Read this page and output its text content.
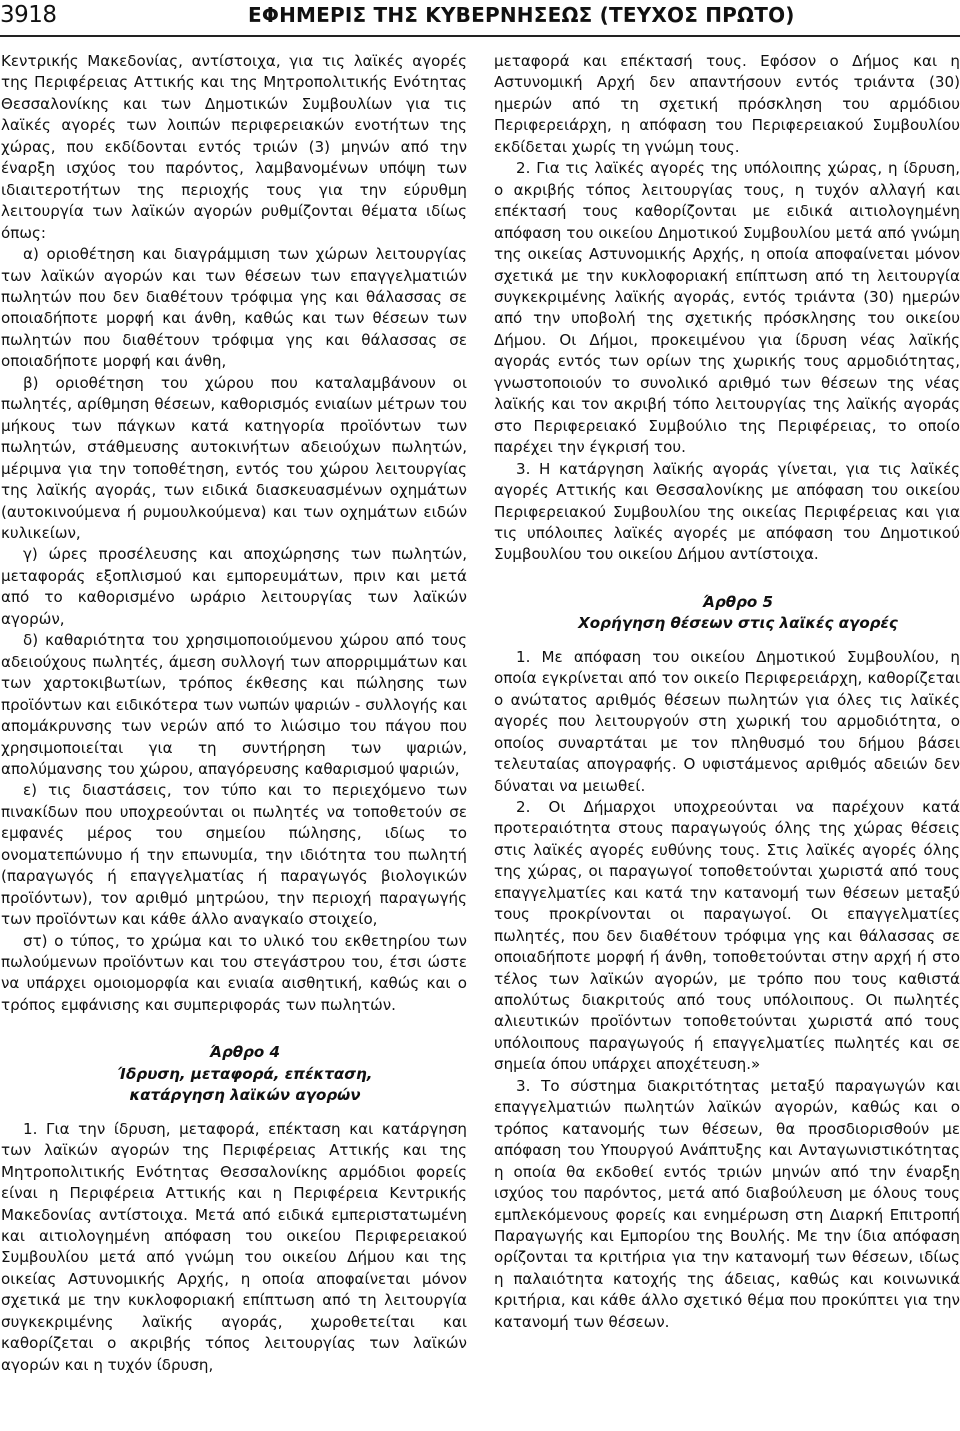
3918	ΕΦΗΜΕΡΙΣ ΤΗΣ ΚΥΒΕΡΝΗΣΕΩΣ (ΤΕΥΧΟΣ ΠΡΩΤΟ)

Κεντρικής Μακεδονίας, αντίστοιχα, για τις λαϊκές αγορές της Περιφέρειας Αττικής και της Μητροπολιτικής Ενότητας Θεσσαλονίκης και των Δημοτικών Συμβουλίων για τις λαϊκές αγορές των λοιπών περιφερειακών ενοτήτων της χώρας, που εκδίδονται εντός τριών (3) μηνών από την έναρξη ισχύος του παρόντος, λαμβανομένων υπόψη των ιδιαιτεροτήτων της περιοχής τους για την εύρυθμη λειτουργία των λαϊκών αγορών ρυθμίζονται θέματα ιδίως όπως:

α) οριοθέτηση και διαγράμμιση των χώρων λειτουργίας των λαϊκών αγορών και των θέσεων των επαγγελματιών πωλητών που δεν διαθέτουν τρόφιμα γης και θάλασσας σε οποιαδήποτε μορφή και άνθη, καθώς και των θέσεων των πωλητών που διαθέτουν τρόφιμα γης και θάλασσας σε οποιαδήποτε μορφή και άνθη,

β) οριοθέτηση του χώρου που καταλαμβάνουν οι πωλητές, αρίθμηση θέσεων, καθορισμός ενιαίων μέτρων του μήκους των πάγκων κατά κατηγορία προϊόντων των πωλητών, στάθμευσης αυτοκινήτων αδειούχων πωλητών, μέριμνα για την τοποθέτηση, εντός του χώρου λειτουργίας της λαϊκής αγοράς, των ειδικά διασκευασμένων οχημάτων (αυτοκινούμενα ή ρυμουλκούμενα) και των οχημάτων ειδών κυλικείων,

γ) ώρες προσέλευσης και αποχώρησης των πωλητών, μεταφοράς εξοπλισμού και εμπορευμάτων, πριν και μετά από το καθορισμένο ωράριο λειτουργίας των λαϊκών αγορών,

δ) καθαριότητα του χρησιμοποιούμενου χώρου από τους αδειούχους πωλητές, άμεση συλλογή των απορριμμάτων και των χαρτοκιβωτίων, τρόπος έκθεσης και πώλησης των προϊόντων και ειδικότερα των νωπών ψαριών - συλλογής και απομάκρυνσης των νερών από το λιώσιμο του πάγου που χρησιμοποιείται για τη συντήρηση των ψαριών, απολύμανσης του χώρου, απαγόρευσης καθαρισμού ψαριών,

ε) τις διαστάσεις, τον τύπο και το περιεχόμενο των πινακίδων που υποχρεούνται οι πωλητές να τοποθετούν σε εμφανές μέρος του σημείου πώλησης, ιδίως το ονοματεπώνυμο ή την επωνυμία, την ιδιότητα του πωλητή (παραγωγός ή επαγγελματίας ή παραγωγός βιολογικών προϊόντων), τον αριθμό μητρώου, την περιοχή παραγωγής των προϊόντων και κάθε άλλο αναγκαίο στοιχείο,

στ) ο τύπος, το χρώμα και το υλικό του εκθετηρίου των πωλούμενων προϊόντων και του στεγάστρου του, έτσι ώστε να υπάρχει ομοιομορφία και ενιαία αισθητική, καθώς και ο τρόπος εμφάνισης και συμπεριφοράς των πωλητών.

Άρθρο 4

Ίδρυση, μεταφορά, επέκταση,

κατάργηση λαϊκών αγορών

1. Για την ίδρυση, μεταφορά, επέκταση και κατάργηση των λαϊκών αγορών της Περιφέρειας Αττικής και της Μητροπολιτικής Ενότητας Θεσσαλονίκης αρμόδιοι φορείς είναι η Περιφέρεια Αττικής και η Περιφέρεια Κεντρικής Μακεδονίας αντίστοιχα. Μετά από ειδικά εμπεριστατωμένη και αιτιολογημένη απόφαση του οικείου Περιφερειακού Συμβουλίου μετά από γνώμη του οικείου Δήμου και της οικείας Αστυνομικής Αρχής, η οποία αποφαίνεται μόνον σχετικά με την κυκλοφοριακή επίπτωση από τη λειτουργία συγκεκριμένης λαϊκής αγοράς, χωροθετείται και καθορίζεται ο ακριβής τόπος λειτουργίας των λαϊκών αγορών και η τυχόν ίδρυση,

μεταφορά και επέκτασή τους. Εφόσον ο Δήμος και η Αστυνομική Αρχή δεν απαντήσουν εντός τριάντα (30) ημερών από τη σχετική πρόσκληση του αρμόδιου Περιφερειάρχη, η απόφαση του Περιφερειακού Συμβουλίου εκδίδεται χωρίς τη γνώμη τους.

2. Για τις λαϊκές αγορές της υπόλοιπης χώρας, η ίδρυση, ο ακριβής τόπος λειτουργίας τους, η τυχόν αλλαγή και επέκτασή τους καθορίζονται με ειδικά αιτιολογημένη απόφαση του οικείου Δημοτικού Συμβουλίου μετά από γνώμη της οικείας Αστυνομικής Αρχής, η οποία αποφαίνεται μόνον σχετικά με την κυκλοφοριακή επίπτωση από τη λειτουργία συγκεκριμένης λαϊκής αγοράς, εντός τριάντα (30) ημερών από την υποβολή της σχετικής πρόσκλησης του οικείου Δήμου. Οι Δήμοι, προκειμένου για ίδρυση νέας λαϊκής αγοράς εντός των ορίων της χωρικής τους αρμοδιότητας, γνωστοποιούν το συνολικό αριθμό των θέσεων της νέας λαϊκής και τον ακριβή τόπο λειτουργίας της λαϊκής αγοράς στο Περιφερειακό Συμβούλιο της Περιφέρειας, το οποίο παρέχει την έγκρισή του.

3. Η κατάργηση λαϊκής αγοράς γίνεται, για τις λαϊκές αγορές Αττικής και Θεσσαλονίκης με απόφαση του οικείου Περιφερειακού Συμβουλίου της οικείας Περιφέρειας και για τις υπόλοιπες λαϊκές αγορές με απόφαση του Δημοτικού Συμβουλίου του οικείου Δήμου αντίστοιχα.

Άρθρο 5

Χορήγηση θέσεων στις λαϊκές αγορές

1. Με απόφαση του οικείου Δημοτικού Συμβουλίου, η οποία εγκρίνεται από τον οικείο Περιφερειάρχη, καθορίζεται ο ανώτατος αριθμός θέσεων πωλητών για όλες τις λαϊκές αγορές που λειτουργούν στη χωρική του αρμοδιότητα, ο οποίος συναρτάται με τον πληθυσμό του δήμου βάσει τελευταίας απογραφής. Ο υφιστάμενος αριθμός αδειών δεν δύναται να μειωθεί.

2. Οι Δήμαρχοι υποχρεούνται να παρέχουν κατά προτεραιότητα στους παραγωγούς όλης της χώρας θέσεις στις λαϊκές αγορές ευθύνης τους. Στις λαϊκές αγορές όλης της χώρας, οι παραγωγοί τοποθετούνται χωριστά από τους επαγγελματίες και κατά την κατανομή των θέσεων μεταξύ τους προκρίνονται οι παραγωγοί. Οι επαγγελματίες πωλητές, που δεν διαθέτουν τρόφιμα γης και θάλασσας σε οποιαδήποτε μορφή ή άνθη, τοποθετούνται στην αρχή ή στο τέλος των λαϊκών αγορών, με τρόπο που τους καθιστά απολύτως διακριτούς από τους υπόλοιπους. Οι πωλητές αλιευτικών προϊόντων τοποθετούνται χωριστά από τους υπόλοιπους παραγωγούς ή επαγγελματίες πωλητές και σε σημεία όπου υπάρχει αποχέτευση.»

3. Το σύστημα διακριτότητας μεταξύ παραγωγών και επαγγελματιών πωλητών λαϊκών αγορών, καθώς και ο τρόπος κατανομής των θέσεων, θα προσδιορισθούν με απόφαση του Υπουργού Ανάπτυξης και Ανταγωνιστικότητας η οποία θα εκδοθεί εντός τριών μηνών από την έναρξη ισχύος του παρόντος, μετά από διαβούλευση με όλους τους εμπλεκόμενους φορείς και ενημέρωση στη Διαρκή Επιτροπή Παραγωγής και Εμπορίου της Βουλής. Με την ίδια απόφαση ορίζονται τα κριτήρια για την κατανομή των θέσεων, ιδίως η παλαιότητα κατοχής της άδειας, καθώς και κοινωνικά κριτήρια, και κάθε άλλο σχετικό θέμα που προκύπτει για την κατανομή των θέσεων.
